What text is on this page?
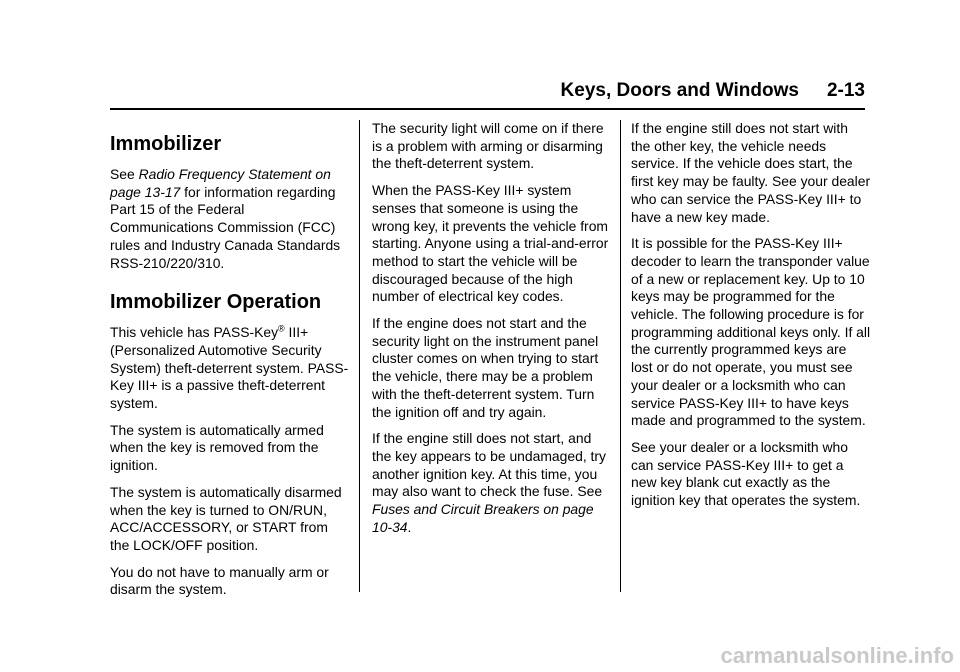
Keys, Doors and Windows 2-13
Immobilizer

See Radio Frequency Statement on page 13-17 for information regarding Part 15 of the Federal Communications Commission (FCC) rules and Industry Canada Standards RSS-210/220/310.

Immobilizer Operation

This vehicle has PASS-Key® III+ (Personalized Automotive Security System) theft-deterrent system. PASS-Key III+ is a passive theft-deterrent system.

The system is automatically armed when the key is removed from the ignition.

The system is automatically disarmed when the key is turned to ON/RUN, ACC/ACCESSORY, or START from the LOCK/OFF position.

You do not have to manually arm or disarm the system.

The security light will come on if there is a problem with arming or disarming the theft-deterrent system.

When the PASS-Key III+ system senses that someone is using the wrong key, it prevents the vehicle from starting. Anyone using a trial-and-error method to start the vehicle will be discouraged because of the high number of electrical key codes.

If the engine does not start and the security light on the instrument panel cluster comes on when trying to start the vehicle, there may be a problem with the theft-deterrent system. Turn the ignition off and try again.

If the engine still does not start, and the key appears to be undamaged, try another ignition key. At this time, you may also want to check the fuse. See Fuses and Circuit Breakers on page 10-34.

If the engine still does not start with the other key, the vehicle needs service. If the vehicle does start, the first key may be faulty. See your dealer who can service the PASS-Key III+ to have a new key made.

It is possible for the PASS-Key III+ decoder to learn the transponder value of a new or replacement key. Up to 10 keys may be programmed for the vehicle. The following procedure is for programming additional keys only. If all the currently programmed keys are lost or do not operate, you must see your dealer or a locksmith who can service PASS-Key III+ to have keys made and programmed to the system.

See your dealer or a locksmith who can service PASS-Key III+ to get a new key blank cut exactly as the ignition key that operates the system.

carmanualsonline.info
